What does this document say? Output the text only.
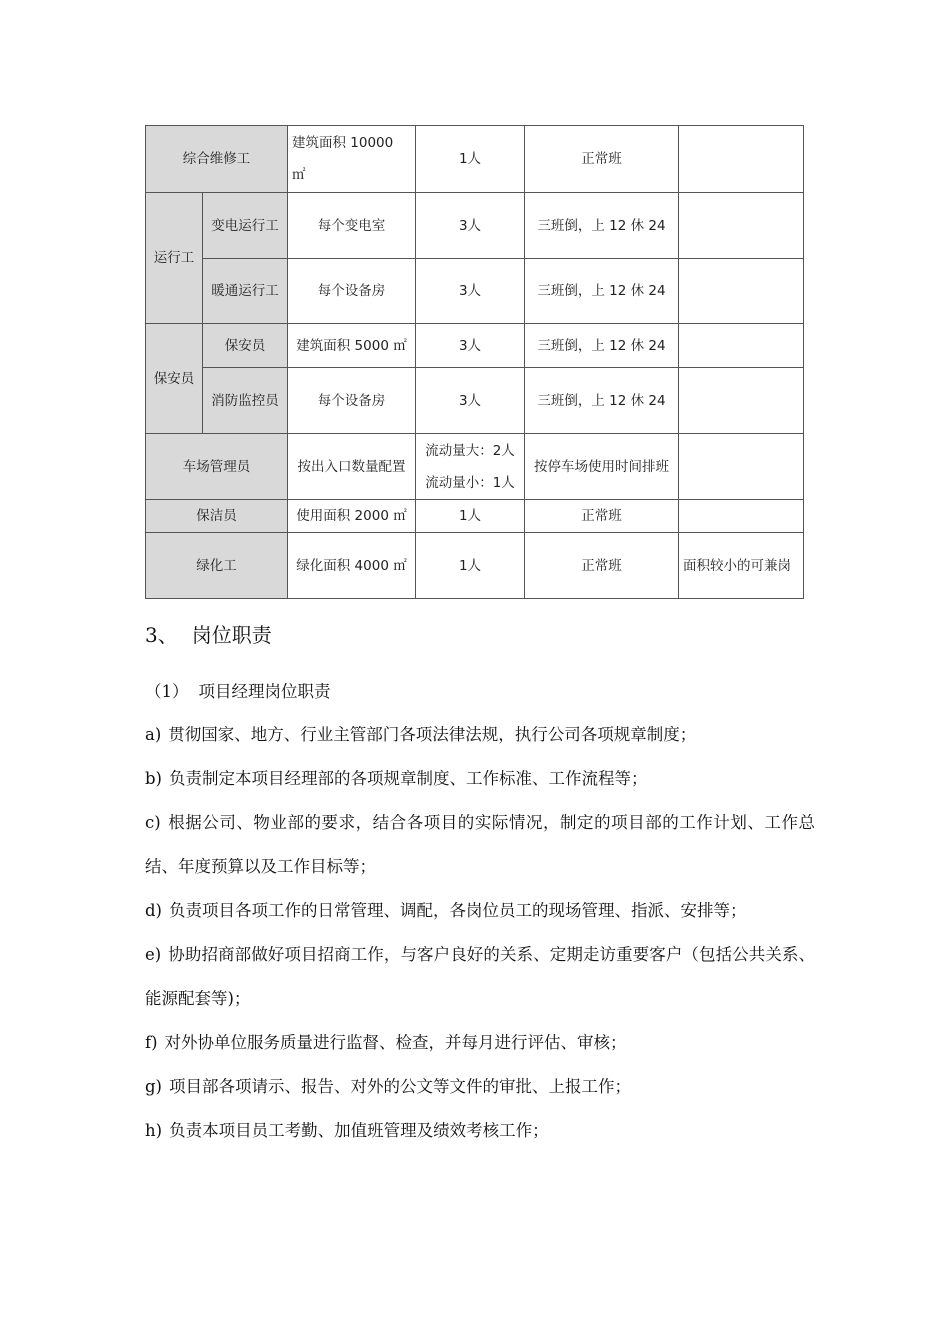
综合维修工		建筑面积 10000 ㎡	1人	正常班	
运行工	变电运行工	每个变电室	3人	三班倒，上 12 休 24	
	暖通运行工	每个设备房	3人	三班倒，上 12 休 24	
保安员	保安员	建筑面积 5000 ㎡	3人	三班倒，上 12 休 24	
	消防监控员	每个设备房	3人	三班倒，上 12 休 24	
车场管理员		按出入口数量配置	流动量大：2人 流动量小：1人	按停车场使用时间排班	
保洁员		使用面积 2000 ㎡	1人	正常班	
绿化工		绿化面积 4000 ㎡	1人	正常班	面积较小的可兼岗
3、 岗位职责
（1） 项目经理岗位职责

a) 贯彻国家、地方、行业主管部门各项法律法规，执行公司各项规章制度；

b) 负责制定本项目经理部的各项规章制度、工作标准、工作流程等；

c) 根据公司、物业部的要求，结合各项目的实际情况，制定的项目部的工作计划、工作总结、年度预算以及工作目标等；

d) 负责项目各项工作的日常管理、调配，各岗位员工的现场管理、指派、安排等；

e) 协助招商部做好项目招商工作，与客户良好的关系、定期走访重要客户（包括公共关系、能源配套等)；

f) 对外协单位服务质量进行监督、检查，并每月进行评估、审核；

g) 项目部各项请示、报告、对外的公文等文件的审批、上报工作；

h) 负责本项目员工考勤、加值班管理及绩效考核工作；
